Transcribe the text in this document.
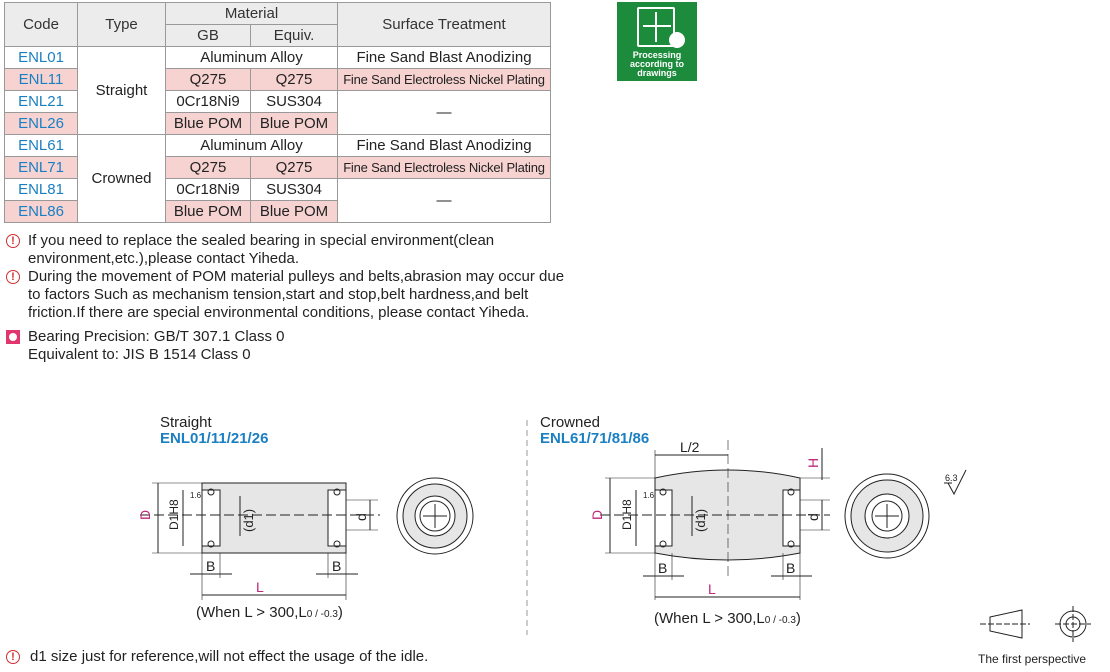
Code	Type	Material		Surface Treatment
		GB	Equiv.	
ENL01	Straight	Aluminum Alloy		Fine Sand Blast Anodizing
ENL11		Q275	Q275	Fine Sand Electroless Nickel Plating
ENL21		0Cr18Ni9	SUS304	—
ENL26		Blue POM	Blue POM	
ENL61	Crowned	Aluminum Alloy		Fine Sand Blast Anodizing
ENL71		Q275	Q275	Fine Sand Electroless Nickel Plating
ENL81		0Cr18Ni9	SUS304	—
ENL86		Blue POM	Blue POM	
Processing
according to
drawings
! If you need to replace the sealed bearing in special environment(clean environment,etc.),please contact Yiheda.
! During the movement of POM material pulleys and belts,abrasion may occur due to factors Such as mechanism tension,start and stop,belt hardness,and belt friction.If there are special environmental conditions, please contact Yiheda.
Bearing Precision: GB/T 307.1 Class 0
Equivalent to: JIS B 1514 Class 0
Straight
ENL01/11/21/26
Crowned
ENL61/71/81/86
D D1H8	(d1)	d
B	B
L
1.6
D D1H8	(d1)	d
H
L/2
B	B
L
1.6
6.3
(When L > 300,L0 / -0.3)	(When L > 300,L0 / -0.3)
!	d1 size just for reference,will not effect the usage of the idle.	The first perspective
